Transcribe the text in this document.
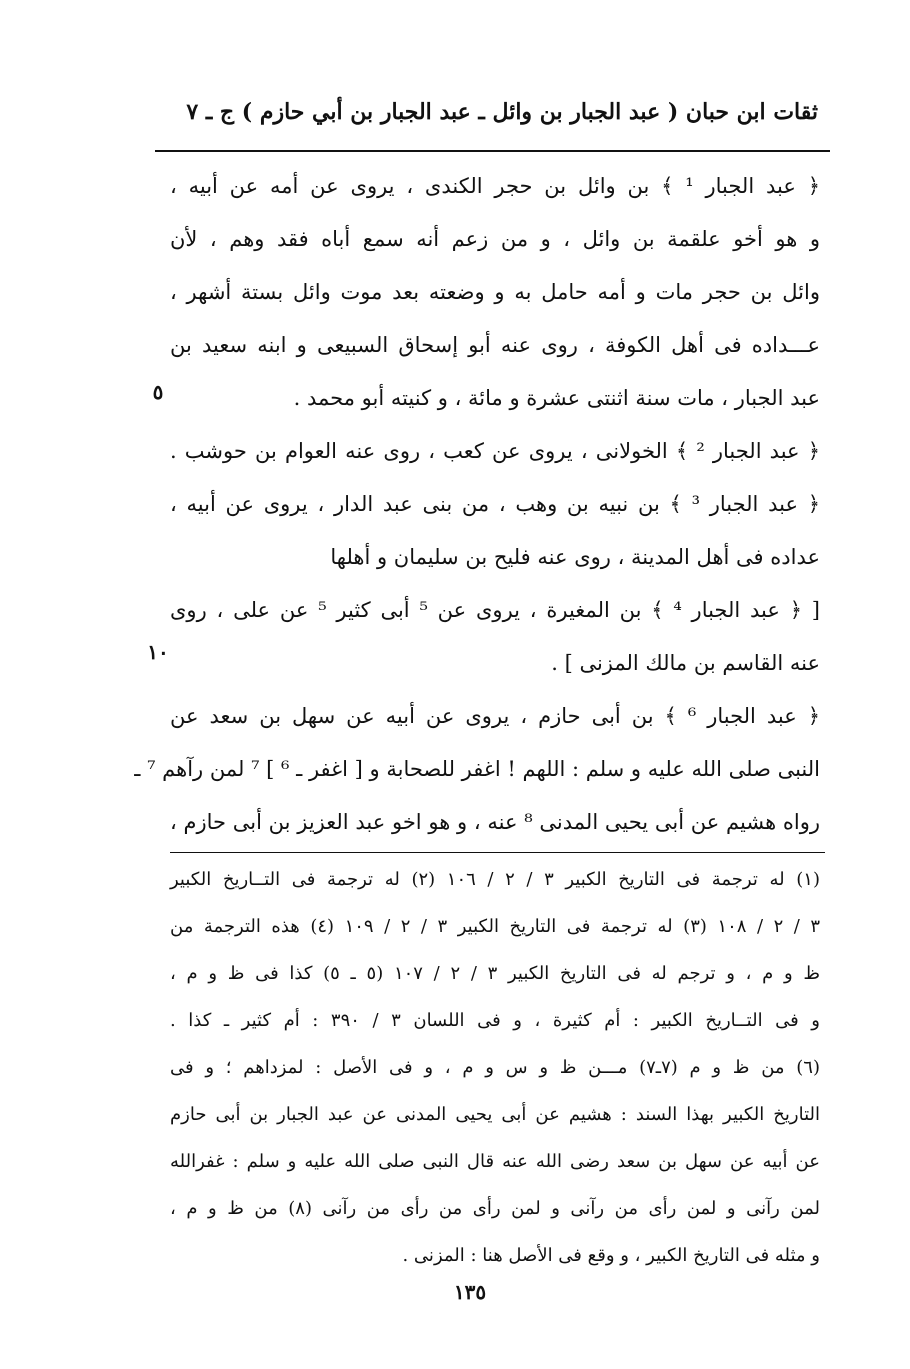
ثقات ابن حبان ( عبد الجبار بن وائل ـ عبد الجبار بن أبي حازم ) ج ـ ٧
﴿ عبد الجبار ¹ ﴾ بن وائل بن حجر الكندى ، يروى عن أمه عن أبيه ،
و هو أخو علقمة بن وائل ، و من زعم أنه سمع أباه فقد وهم ، لأن
وائل بن حجر مات و أمه حامل به و وضعته بعد موت وائل بستة أشهر ،
عـــداده فى أهل الكوفة ، روى عنه أبو إسحاق السبيعى و ابنه سعيد بن
عبد الجبار ، مات سنة اثنتى عشرة و مائة ، و كنيته أبو محمد .
﴿ عبد الجبار ² ﴾ الخولانى ، يروى عن كعب ، روى عنه العوام بن حوشب .
﴿ عبد الجبار ³ ﴾ بن نبيه بن وهب ، من بنى عبد الدار ، يروى عن أبيه ،
عداده فى أهل المدينة ، روى عنه فليح بن سليمان و أهلها
[ ﴿ عبد الجبار ⁴ ﴾ بن المغيرة ، يروى عن ⁵ أبى كثير ⁵ عن على ، روى
عنه القاسم بن مالك المزنى ] .
﴿ عبد الجبار ⁶ ﴾ بن أبى حازم ، يروى عن أبيه عن سهل بن سعد عن
النبى صلى الله عليه و سلم : اللهم ! اغفر للصحابة و [ اغفر ـ ⁶ ] ⁷ لمن رآهم ⁷ ـ
رواه هشيم عن أبى يحيى المدنى ⁸ عنه ، و هو اخو عبد العزيز بن أبى حازم ،
٥
١٠
(١) له ترجمة فى التاريخ الكبير ٣ / ٢ / ١٠٦ (٢) له ترجمة فى التــاريخ الكبير
٣ / ٢ / ١٠٨ (٣) له ترجمة فى التاريخ الكبير ٣ / ٢ / ١٠٩ (٤) هذه الترجمة من
ظ و م ، و ترجم له فى التاريخ الكبير ٣ / ٢ / ١٠٧ (٥ ـ ٥) كذا فى ظ و م ،
و فى التــاريخ الكبير : أم كثيرة ، و فى اللسان ٣ / ٣٩٠ : أم كثير ـ كذا .
(٦) من ظ و م (٧ـ٧) مـــن ظ و س و م ، و فى الأصل : لمزداهم ؛ و فى
التاريخ الكبير بهذا السند : هشيم عن أبى يحيى المدنى عن عبد الجبار بن أبى حازم
عن أبيه عن سهل بن سعد رضى الله عنه قال النبى صلى الله عليه و سلم : غفرالله
لمن رآنى و لمن رأى من رآنى و لمن رأى من رأى من رآنى (٨) من ظ و م ،
و مثله فى التاريخ الكبير ، و وقع فى الأصل هنا : المزنى .
١٣٥
